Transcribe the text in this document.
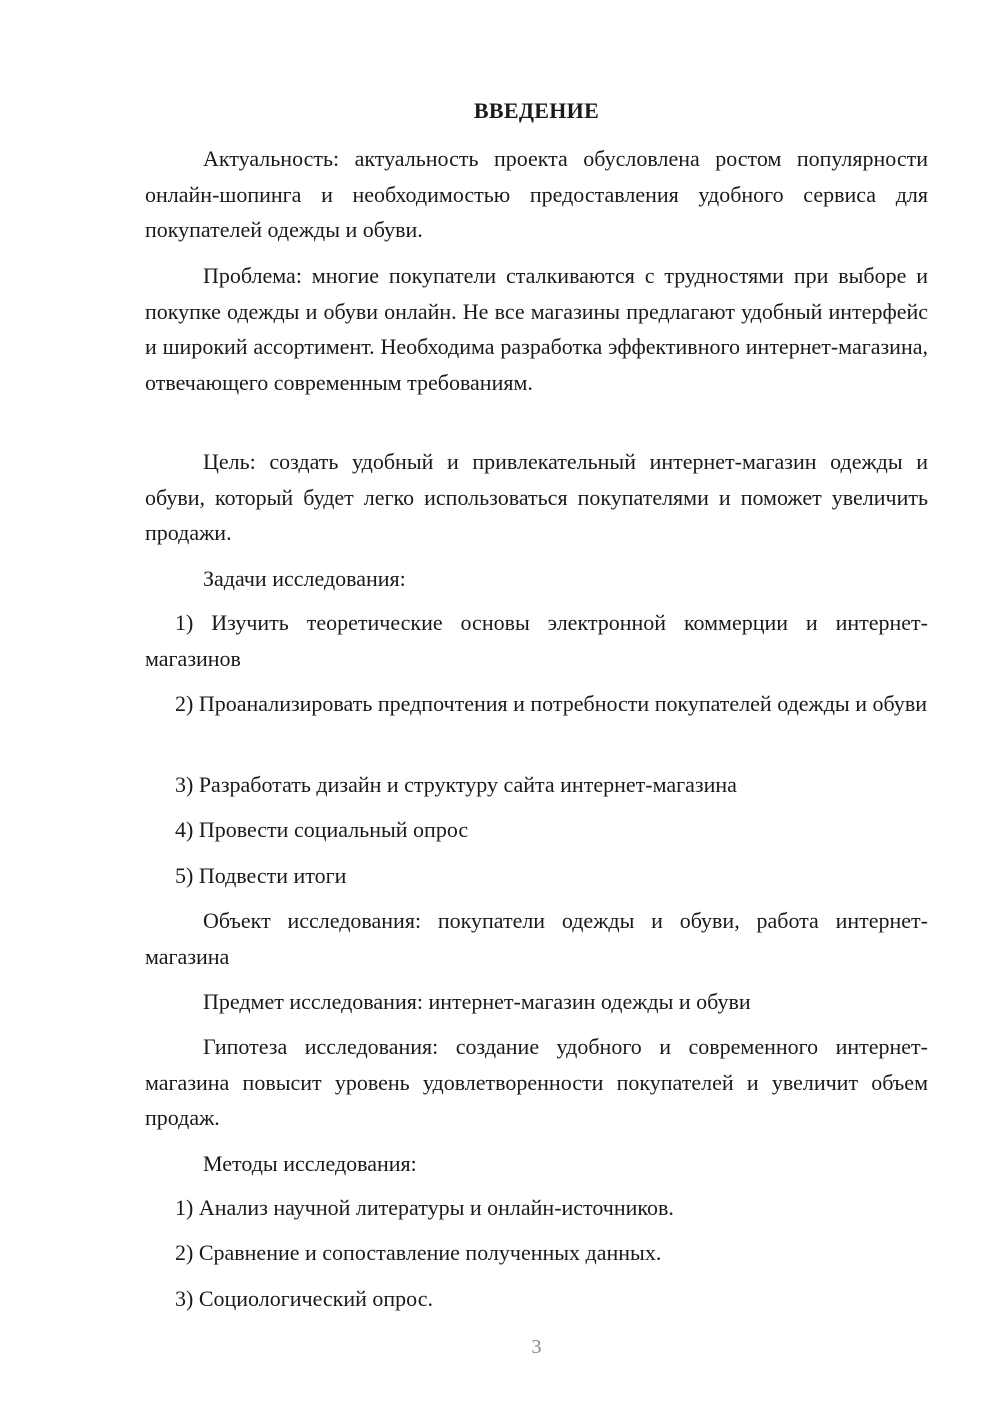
ВВЕДЕНИЕ

Актуальность: актуальность проекта обусловлена ростом популярности онлайн-шопинга и необходимостью предоставления удобного сервиса для покупателей одежды и обуви.

Проблема: многие покупатели сталкиваются с трудностями при выборе и покупке одежды и обуви онлайн. Не все магазины предлагают удобный интерфейс и широкий ассортимент. Необходима разработка эффективного интернет-магазина, отвечающего современным требованиям.

Цель: создать удобный и привлекательный интернет-магазин одежды и обуви, который будет легко использоваться покупателями и поможет увеличить продажи.

Задачи исследования:

1) Изучить теоретические основы электронной коммерции и интернет-магазинов

2) Проанализировать предпочтения и потребности покупателей одежды и обуви

3) Разработать дизайн и структуру сайта интернет-магазина

4) Провести социальный опрос

5) Подвести итоги

Объект исследования: покупатели одежды и обуви, работа интернет-магазина

Предмет исследования: интернет-магазин одежды и обуви

Гипотеза исследования: создание удобного и современного интернет-магазина повысит уровень удовлетворенности покупателей и увеличит объем продаж.

Методы исследования:

1) Анализ научной литературы и онлайн-источников.

2) Сравнение и сопоставление полученных данных.

3) Социологический опрос.

3
